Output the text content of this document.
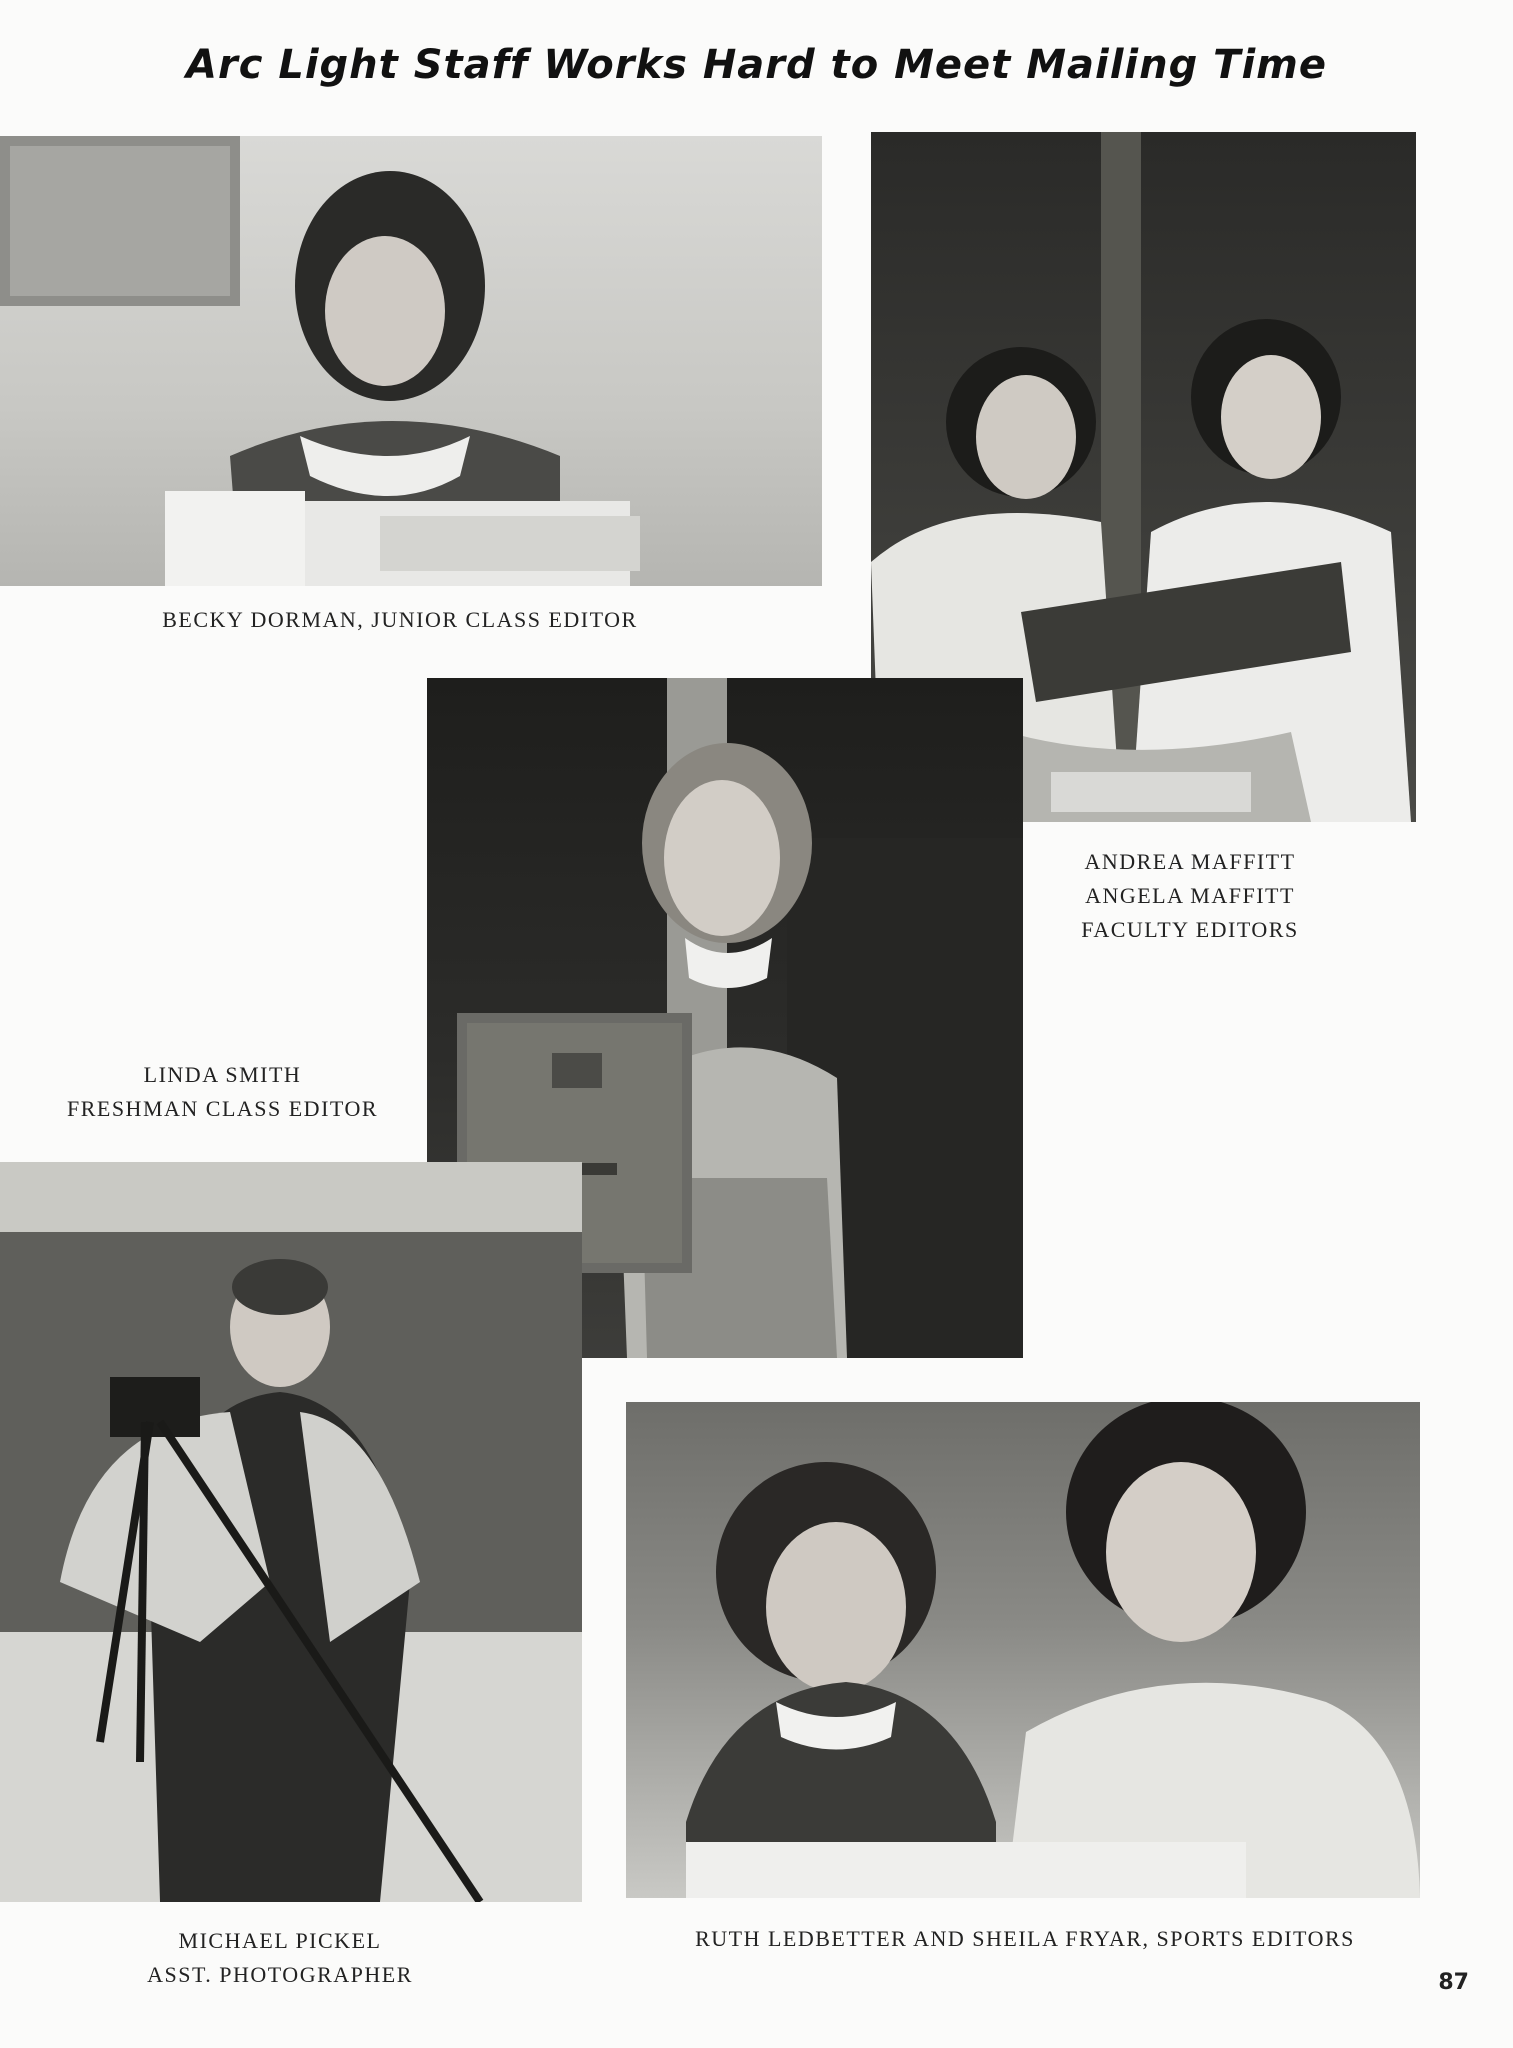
Arc Light Staff Works Hard to Meet Mailing Time
BECKY DORMAN, JUNIOR CLASS EDITOR
ANDREA MAFFITT
ANGELA MAFFITT
FACULTY EDITORS
LINDA SMITH
FRESHMAN CLASS EDITOR
MICHAEL PICKEL
ASST. PHOTOGRAPHER
RUTH LEDBETTER AND SHEILA FRYAR, SPORTS EDITORS
87
